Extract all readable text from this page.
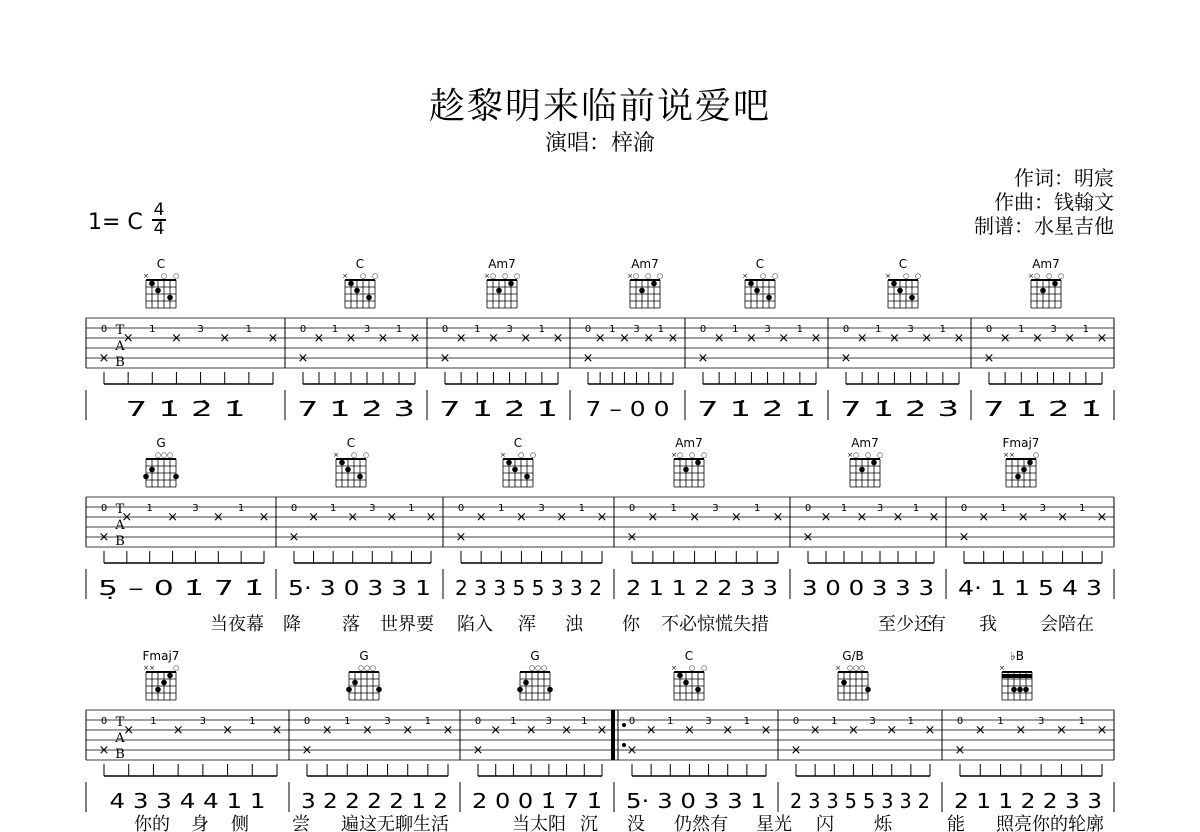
趁黎明来临前说爱吧
演唱：梓渝
作词：明宸
作曲：钱翰文
制谱：水星吉他
1= C 4
4
T
A
B
C
× ○ ○
0
×
1
×
3
×
1
×
×
7 1̇ 2̇ 1̇
C
× ○ ○
0
×
1
×
3
×
1
×
×
7 1̇ 2̇ 3̇
Am7
× ○ ○ ○
0
×
1
×
3
×
1
×
×
7 1̇ 2̇ 1̇
Am7
× ○ ○ ○
0
×
1
×
3
×
1
×
×
7 – 0 0
C
× ○ ○
0
×
1
×
3
×
1
×
×
7 1̇ 2̇ 1̇
C
× ○ ○
0
×
1
×
3
×
1
×
×
7 1̇ 2̇ 3̇
Am7
× ○ ○ ○
0
×
1
×
3
×
1
×
×
7 1̇ 2̇ 1̇
T
A
B
G
○ ○ ○
0
×
1
×
3
×
1
×
×
5̣ – 0 1̇ 7 1̇
C
× ○ ○
0
×
1
×
3
×
1
×
×
5· 3 0 3 3 1
C
× ○ ○
0
×
1
×
3
×
1
×
×
2 3 3 5 5 3 3 2
Am7
× ○ ○ ○
0
×
1
×
3
×
1
×
×
2 1 1 2 2 3 3
Am7
× ○ ○ ○
0
×
1
×
3
×
1
×
×
3 0 0 3 3 3
Fmaj7
× ×	○
0
×
1
×
3
×
1
×
×
4· 1 1 5 4 3
当夜幕 降 落 世界要 陷入 浑 浊 你 不必惊慌失措	至少还
有 我 会陪在
T
A
B
Fmaj7
× ×	○
0
×
1
×
3
×
1
×
×
4 3 3 4 4 1 1
G
○ ○ ○
0
×
1
×
3
×
1
×
×
3 2 2 2 2 1 2
G
○ ○ ○
0
×
1
×
3
×
1
×
×
2 0 0 1̇ 7 1̇
C
× ○ ○
0
×
1
×
3
×
1
×
×
5· 3 0 3 3 1
G/B
× ○ ○ ○
0
×
1
×
3
×
1
×
×
2 3 3 5 5 3 3 2
♭B
×
0
×
1
×
3
×
1
×
×
2 1 1 2 2 3 3
你的 身 侧 尝 遍这无聊生活	当太阳 沉 没 仍然有 星光 闪 烁	能 照亮你的轮廓
